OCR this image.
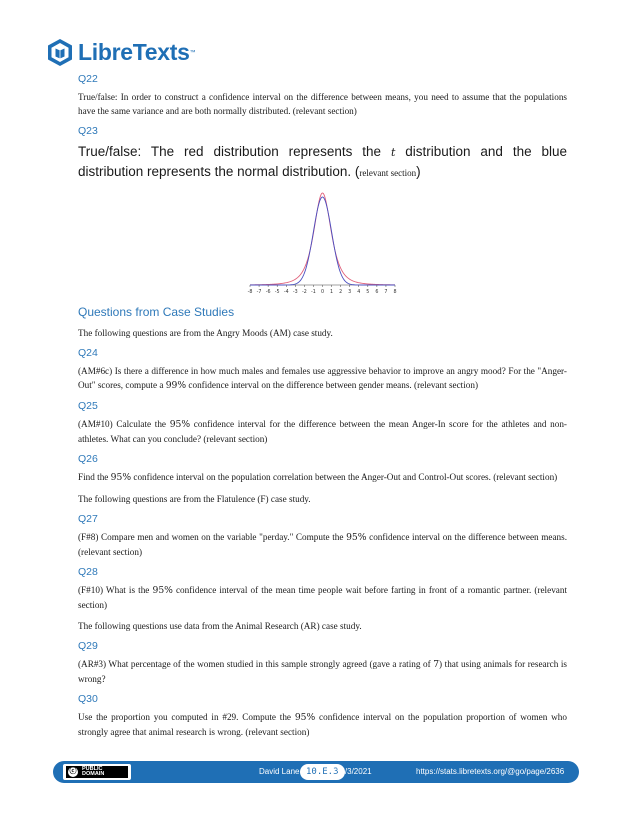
LibreTexts ™
Q22

True/false: In order to construct a confidence interval on the difference between means, you need to assume that the populations have the same variance and are both normally distributed. (relevant section)

Q23

True/false: The red distribution represents the t distribution and the blue distribution represents the normal distribution. (relevant section)

-8 -7 -6 -5 -4 -3 -2 -1 0 1 2 3 4 5 6 7 8
Questions from Case Studies

The following questions are from the Angry Moods (AM) case study.

Q24

(AM#6c) Is there a difference in how much males and females use aggressive behavior to improve an angry mood? For the "Anger-Out" scores, compute a 99% confidence interval on the difference between gender means. (relevant section)

Q25

(AM#10) Calculate the 95% confidence interval for the difference between the mean Anger-In score for the athletes and non-athletes. What can you conclude? (relevant section)

Q26

Find the 95% confidence interval on the population correlation between the Anger-Out and Control-Out scores. (relevant section)

The following questions are from the Flatulence (F) case study.

Q27

(F#8) Compare men and women on the variable "perday." Compute the 95% confidence interval on the difference between means. (relevant section)

Q28

(F#10) What is the 95% confidence interval of the mean time people wait before farting in front of a romantic partner. (relevant section)

The following questions use data from the Animal Research (AR) case study.

Q29

(AR#3) What percentage of the women studied in this sample strongly agreed (gave a rating of 7) that using animals for research is wrong?

Q30

Use the proportion you computed in #29. Compute the 95% confidence interval on the population proportion of women who strongly agree that animal research is wrong. (relevant section)

ⓒ PUBLIC
DOMAIN	David Lane 10.E.3
12/3/2021	https://stats.libretexts.org/@go/page/2636
